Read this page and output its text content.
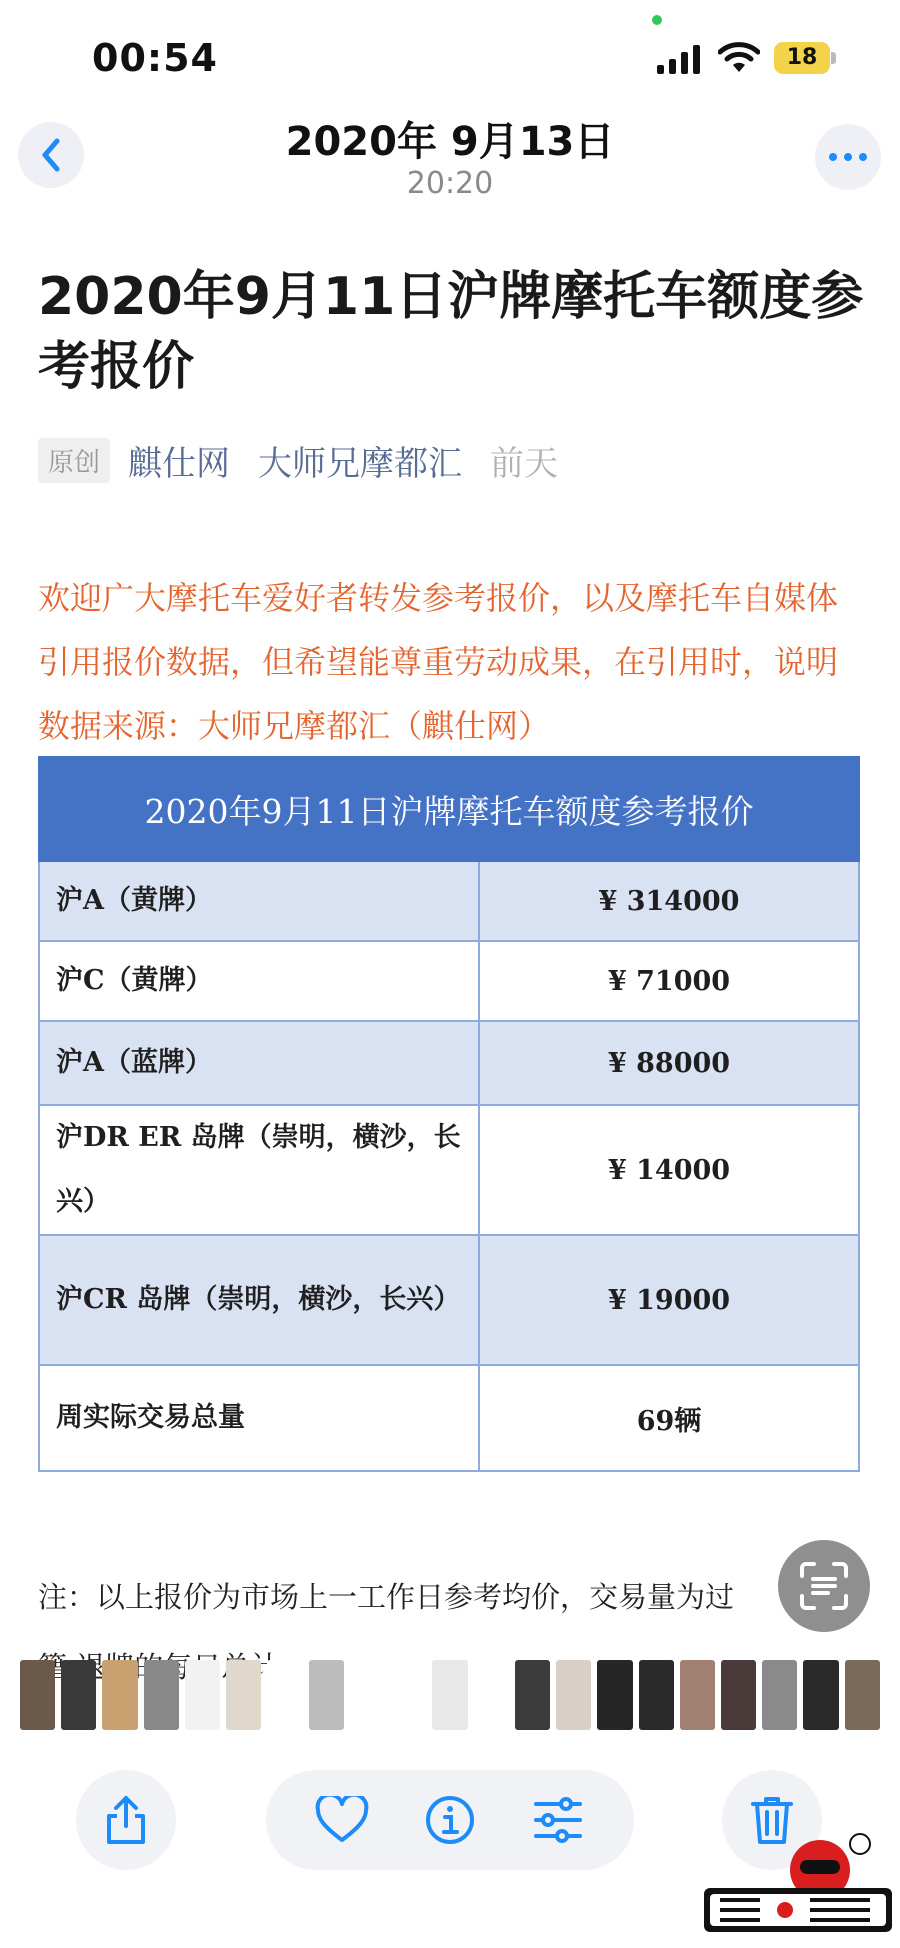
00:54	18
2020年 9月13日
20:20
2020年9月11日沪牌摩托车额度参考报价
原创 麒仕网 大师兄摩都汇 前天
欢迎广大摩托车爱好者转发参考报价，以及摩托车自媒体引用报价数据，但希望能尊重劳动成果，在引用时，说明数据来源：大师兄摩都汇（麒仕网）
2020年9月11日沪牌摩托车额度参考报价	
沪A（黄牌）	¥ 314000
沪C（黄牌）	¥ 71000
沪A（蓝牌）	¥ 88000
沪DR ER 岛牌（崇明，横沙，长兴）	¥ 14000
沪CR 岛牌（崇明，横沙，长兴）	¥ 19000
周实际交易总量	69辆
注：以上报价为市场上一工作日参考均价，交易量为过
